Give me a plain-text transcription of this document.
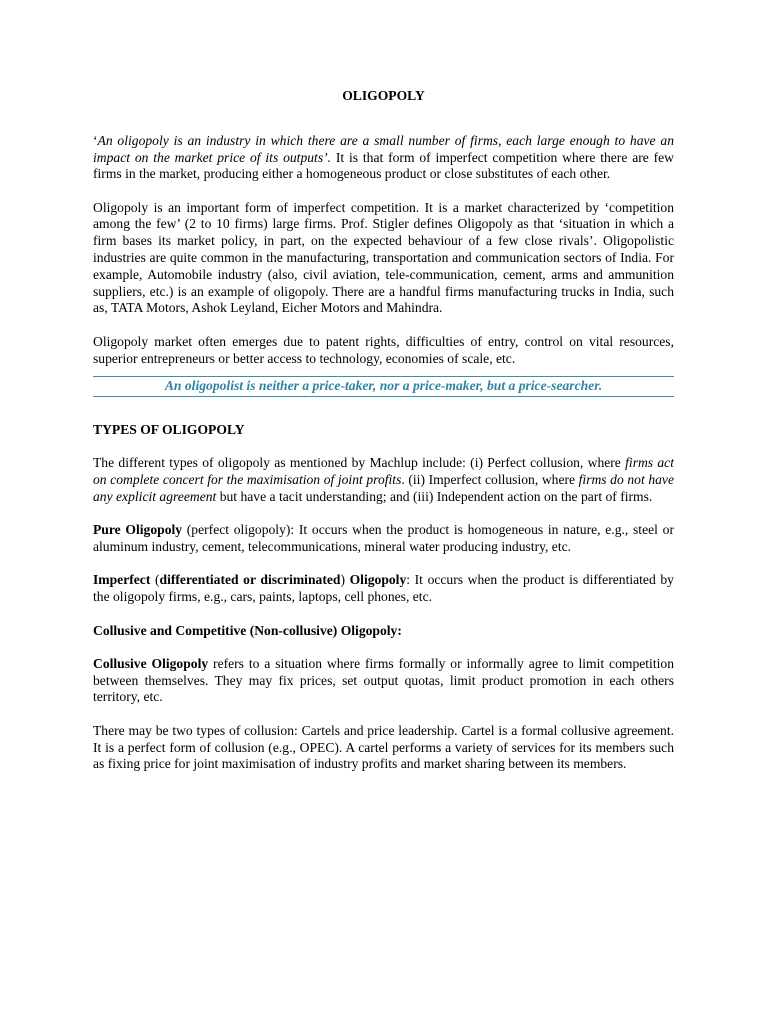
OLIGOPOLY

‘An oligopoly is an industry in which there are a small number of firms, each large enough to have an impact on the market price of its outputs’. It is that form of imperfect competition where there are few firms in the market, producing either a homogeneous product or close substitutes of each other.

Oligopoly is an important form of imperfect competition. It is a market characterized by ‘competition among the few’ (2 to 10 firms) large firms. Prof. Stigler defines Oligopoly as that ‘situation in which a firm bases its market policy, in part, on the expected behaviour of a few close rivals’. Oligopolistic industries are quite common in the manufacturing, transportation and communication sectors of India. For example, Automobile industry (also, civil aviation, tele-communication, cement, arms and ammunition suppliers, etc.) is an example of oligopoly. There are a handful firms manufacturing trucks in India, such as, TATA Motors, Ashok Leyland, Eicher Motors and Mahindra.

Oligopoly market often emerges due to patent rights, difficulties of entry, control on vital resources, superior entrepreneurs or better access to technology, economies of scale, etc.

An oligopolist is neither a price-taker, nor a price-maker, but a price-searcher.
TYPES OF OLIGOPOLY

The different types of oligopoly as mentioned by Machlup include: (i) Perfect collusion, where firms act on complete concert for the maximisation of joint profits. (ii) Imperfect collusion, where firms do not have any explicit agreement but have a tacit understanding; and (iii) Independent action on the part of firms.

Pure Oligopoly (perfect oligopoly): It occurs when the product is homogeneous in nature, e.g., steel or aluminum industry, cement, telecommunications, mineral water producing industry, etc.

Imperfect (differentiated or discriminated) Oligopoly: It occurs when the product is differentiated by the oligopoly firms, e.g., cars, paints, laptops, cell phones, etc.

Collusive and Competitive (Non-collusive) Oligopoly:

Collusive Oligopoly refers to a situation where firms formally or informally agree to limit competition between themselves. They may fix prices, set output quotas, limit product promotion in each others territory, etc.

There may be two types of collusion: Cartels and price leadership. Cartel is a formal collusive agreement. It is a perfect form of collusion (e.g., OPEC). A cartel performs a variety of services for its members such as fixing price for joint maximisation of industry profits and market sharing between its members.
